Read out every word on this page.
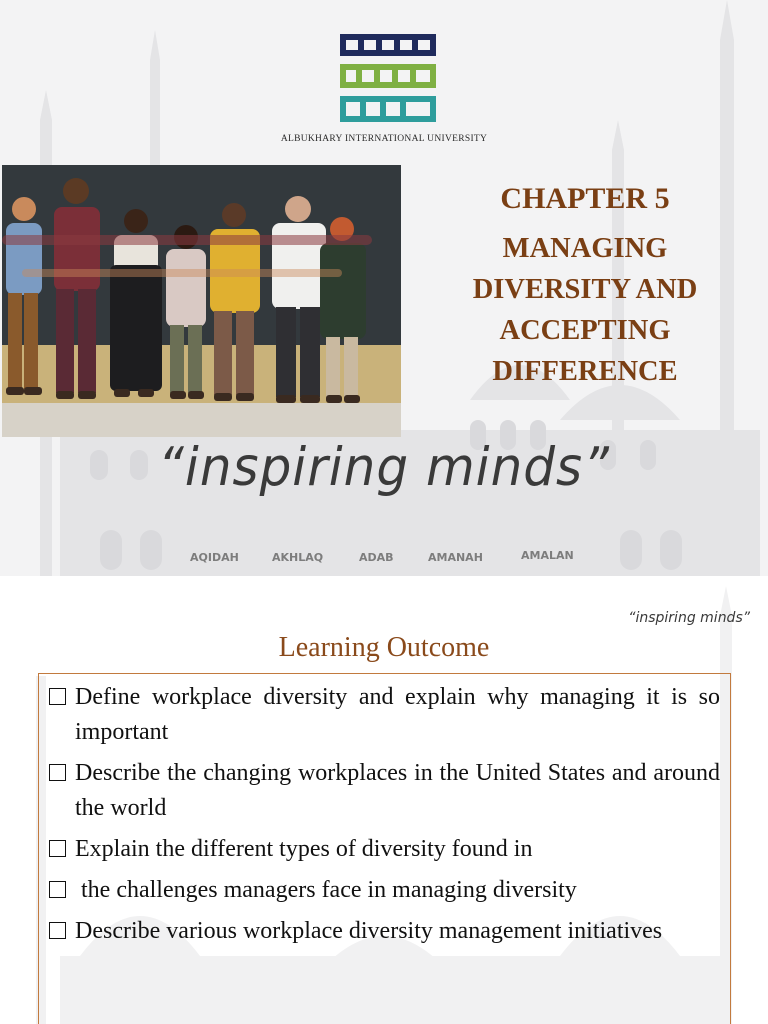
ALBUKHARY INTERNATIONAL UNIVERSITY
CHAPTER 5
MANAGING
DIVERSITY AND
ACCEPTING
DIFFERENCE
“inspiring minds”
AQIDAH	AKHLAQ	ADAB	AMANAH	AMALAN
“inspiring minds”
Learning Outcome
Define workplace diversity and explain why managing it is so important
Describe the changing workplaces in the United States and around the world
Explain the different types of diversity found in
the challenges managers face in managing diversity
Describe various workplace diversity management initiatives
